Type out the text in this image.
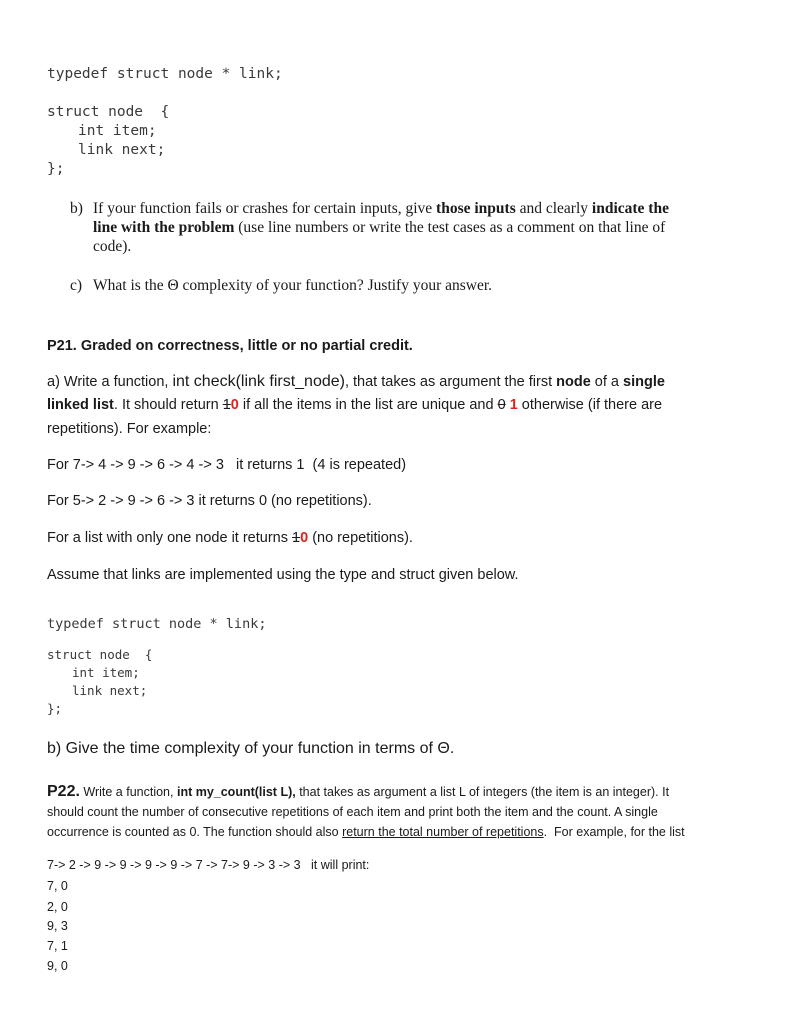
typedef struct node * link;
struct node  {
int item;
link next;
};
b) If your function fails or crashes for certain inputs, give those inputs and clearly indicate the
line with the problem (use line numbers or write the test cases as a comment on that line of
code).
c) What is the Θ complexity of your function? Justify your answer.
P21. Graded on correctness, little or no partial credit.
a) Write a function, int check(link first_node), that takes as argument the first node of a single
linked list. It should return 10 if all the items in the list are unique and 0 1 otherwise (if there are
repetitions). For example:
For 7-> 4 -> 9 -> 6 -> 4 -> 3   it returns 1  (4 is repeated)
For 5-> 2 -> 9 -> 6 -> 3 it returns 0 (no repetitions).
For a list with only one node it returns 10 (no repetitions).
Assume that links are implemented using the type and struct given below.
typedef struct node * link;
struct node  {
int item;
link next;
};
b) Give the time complexity of your function in terms of Θ.
P22. Write a function, int my_count(list L), that takes as argument a list L of integers (the item is an integer). It
should count the number of consecutive repetitions of each item and print both the item and the count. A single
occurrence is counted as 0. The function should also return the total number of repetitions.  For example, for the list
7-> 2 -> 9 -> 9 -> 9 -> 9 -> 7 -> 7-> 9 -> 3 -> 3   it will print:
7, 0
2, 0
9, 3
7, 1
9, 0
